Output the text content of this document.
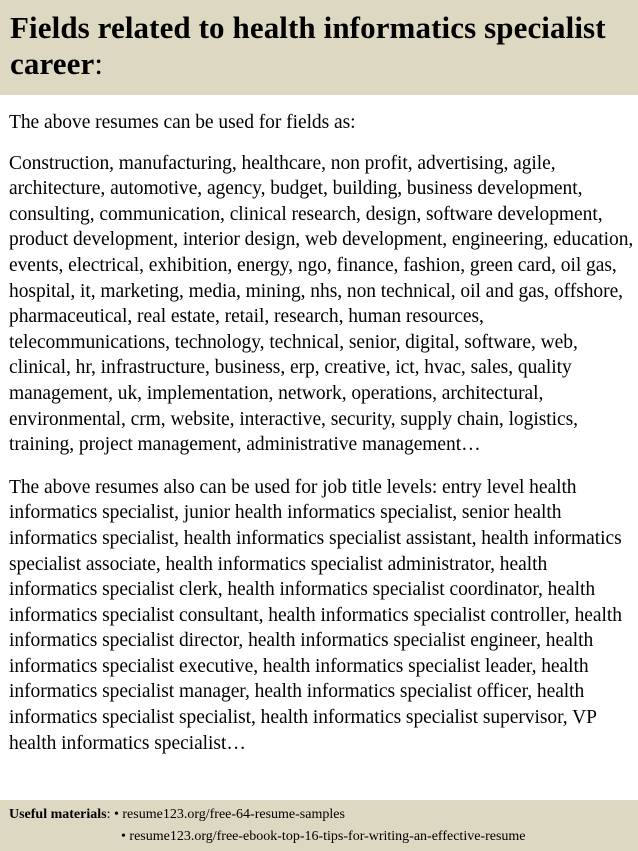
Fields related to health informatics specialist career:

The above resumes can be used for fields as:

Construction, manufacturing, healthcare, non profit, advertising, agile, architecture, automotive, agency, budget, building, business development, consulting, communication, clinical research, design, software development, product development, interior design, web development, engineering, education, events, electrical, exhibition, energy, ngo, finance, fashion, green card, oil gas, hospital, it, marketing, media, mining, nhs, non technical, oil and gas, offshore, pharmaceutical, real estate, retail, research, human resources, telecommunications, technology, technical, senior, digital, software, web, clinical, hr, infrastructure, business, erp, creative, ict, hvac, sales, quality management, uk, implementation, network, operations, architectural, environmental, crm, website, interactive, security, supply chain, logistics, training, project management, administrative management…

The above resumes also can be used for job title levels: entry level health informatics specialist, junior health informatics specialist, senior health informatics specialist, health informatics specialist assistant, health informatics specialist associate, health informatics specialist administrator, health informatics specialist clerk, health informatics specialist coordinator, health informatics specialist consultant, health informatics specialist controller, health informatics specialist director, health informatics specialist engineer, health informatics specialist executive, health informatics specialist leader, health informatics specialist manager, health informatics specialist officer, health informatics specialist specialist, health informatics specialist supervisor, VP health informatics specialist…

Useful materials: • resume123.org/free-64-resume-samples
• resume123.org/free-ebook-top-16-tips-for-writing-an-effective-resume
